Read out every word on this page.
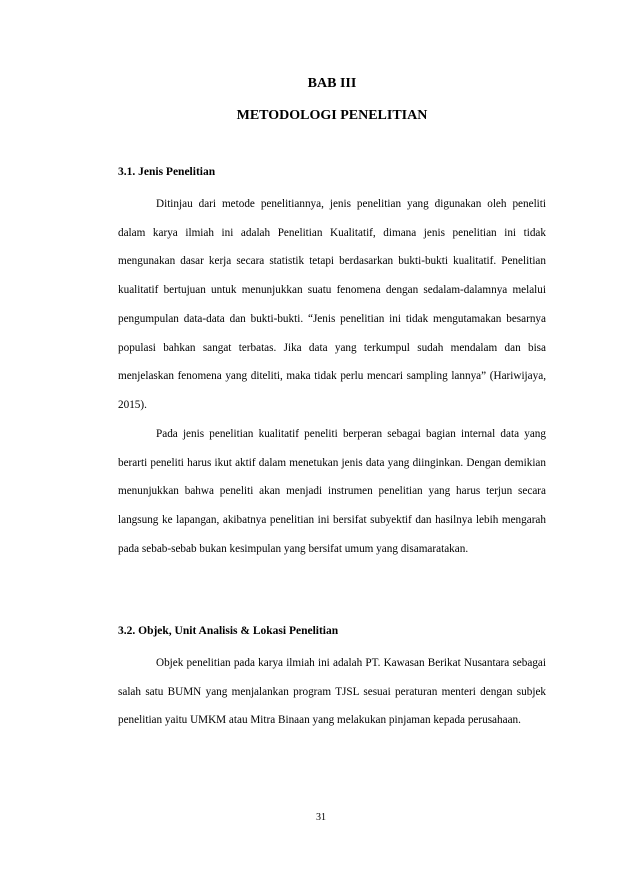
BAB III
METODOLOGI PENELITIAN
3.1. Jenis Penelitian

Ditinjau dari metode penelitiannya, jenis penelitian yang digunakan oleh peneliti dalam karya ilmiah ini adalah Penelitian Kualitatif, dimana jenis penelitian ini tidak mengunakan dasar kerja secara statistik tetapi berdasarkan bukti-bukti kualitatif. Penelitian kualitatif bertujuan untuk menunjukkan suatu fenomena dengan sedalam-dalamnya melalui pengumpulan data-data dan bukti-bukti. “Jenis penelitian ini tidak mengutamakan besarnya populasi bahkan sangat terbatas. Jika data yang terkumpul sudah mendalam dan bisa menjelaskan fenomena yang diteliti, maka tidak perlu mencari sampling lannya” (Hariwijaya, 2015).

Pada jenis penelitian kualitatif peneliti berperan sebagai bagian internal data yang berarti peneliti harus ikut aktif dalam menetukan jenis data yang diinginkan. Dengan demikian menunjukkan bahwa peneliti akan menjadi instrumen penelitian yang harus terjun secara langsung ke lapangan, akibatnya penelitian ini bersifat subyektif dan hasilnya lebih mengarah pada sebab-sebab bukan kesimpulan yang bersifat umum yang disamaratakan.

3.2. Objek, Unit Analisis & Lokasi Penelitian

Objek penelitian pada karya ilmiah ini adalah PT. Kawasan Berikat Nusantara sebagai salah satu BUMN yang menjalankan program TJSL sesuai peraturan menteri dengan subjek penelitian yaitu UMKM atau Mitra Binaan yang melakukan pinjaman kepada perusahaan.

31
